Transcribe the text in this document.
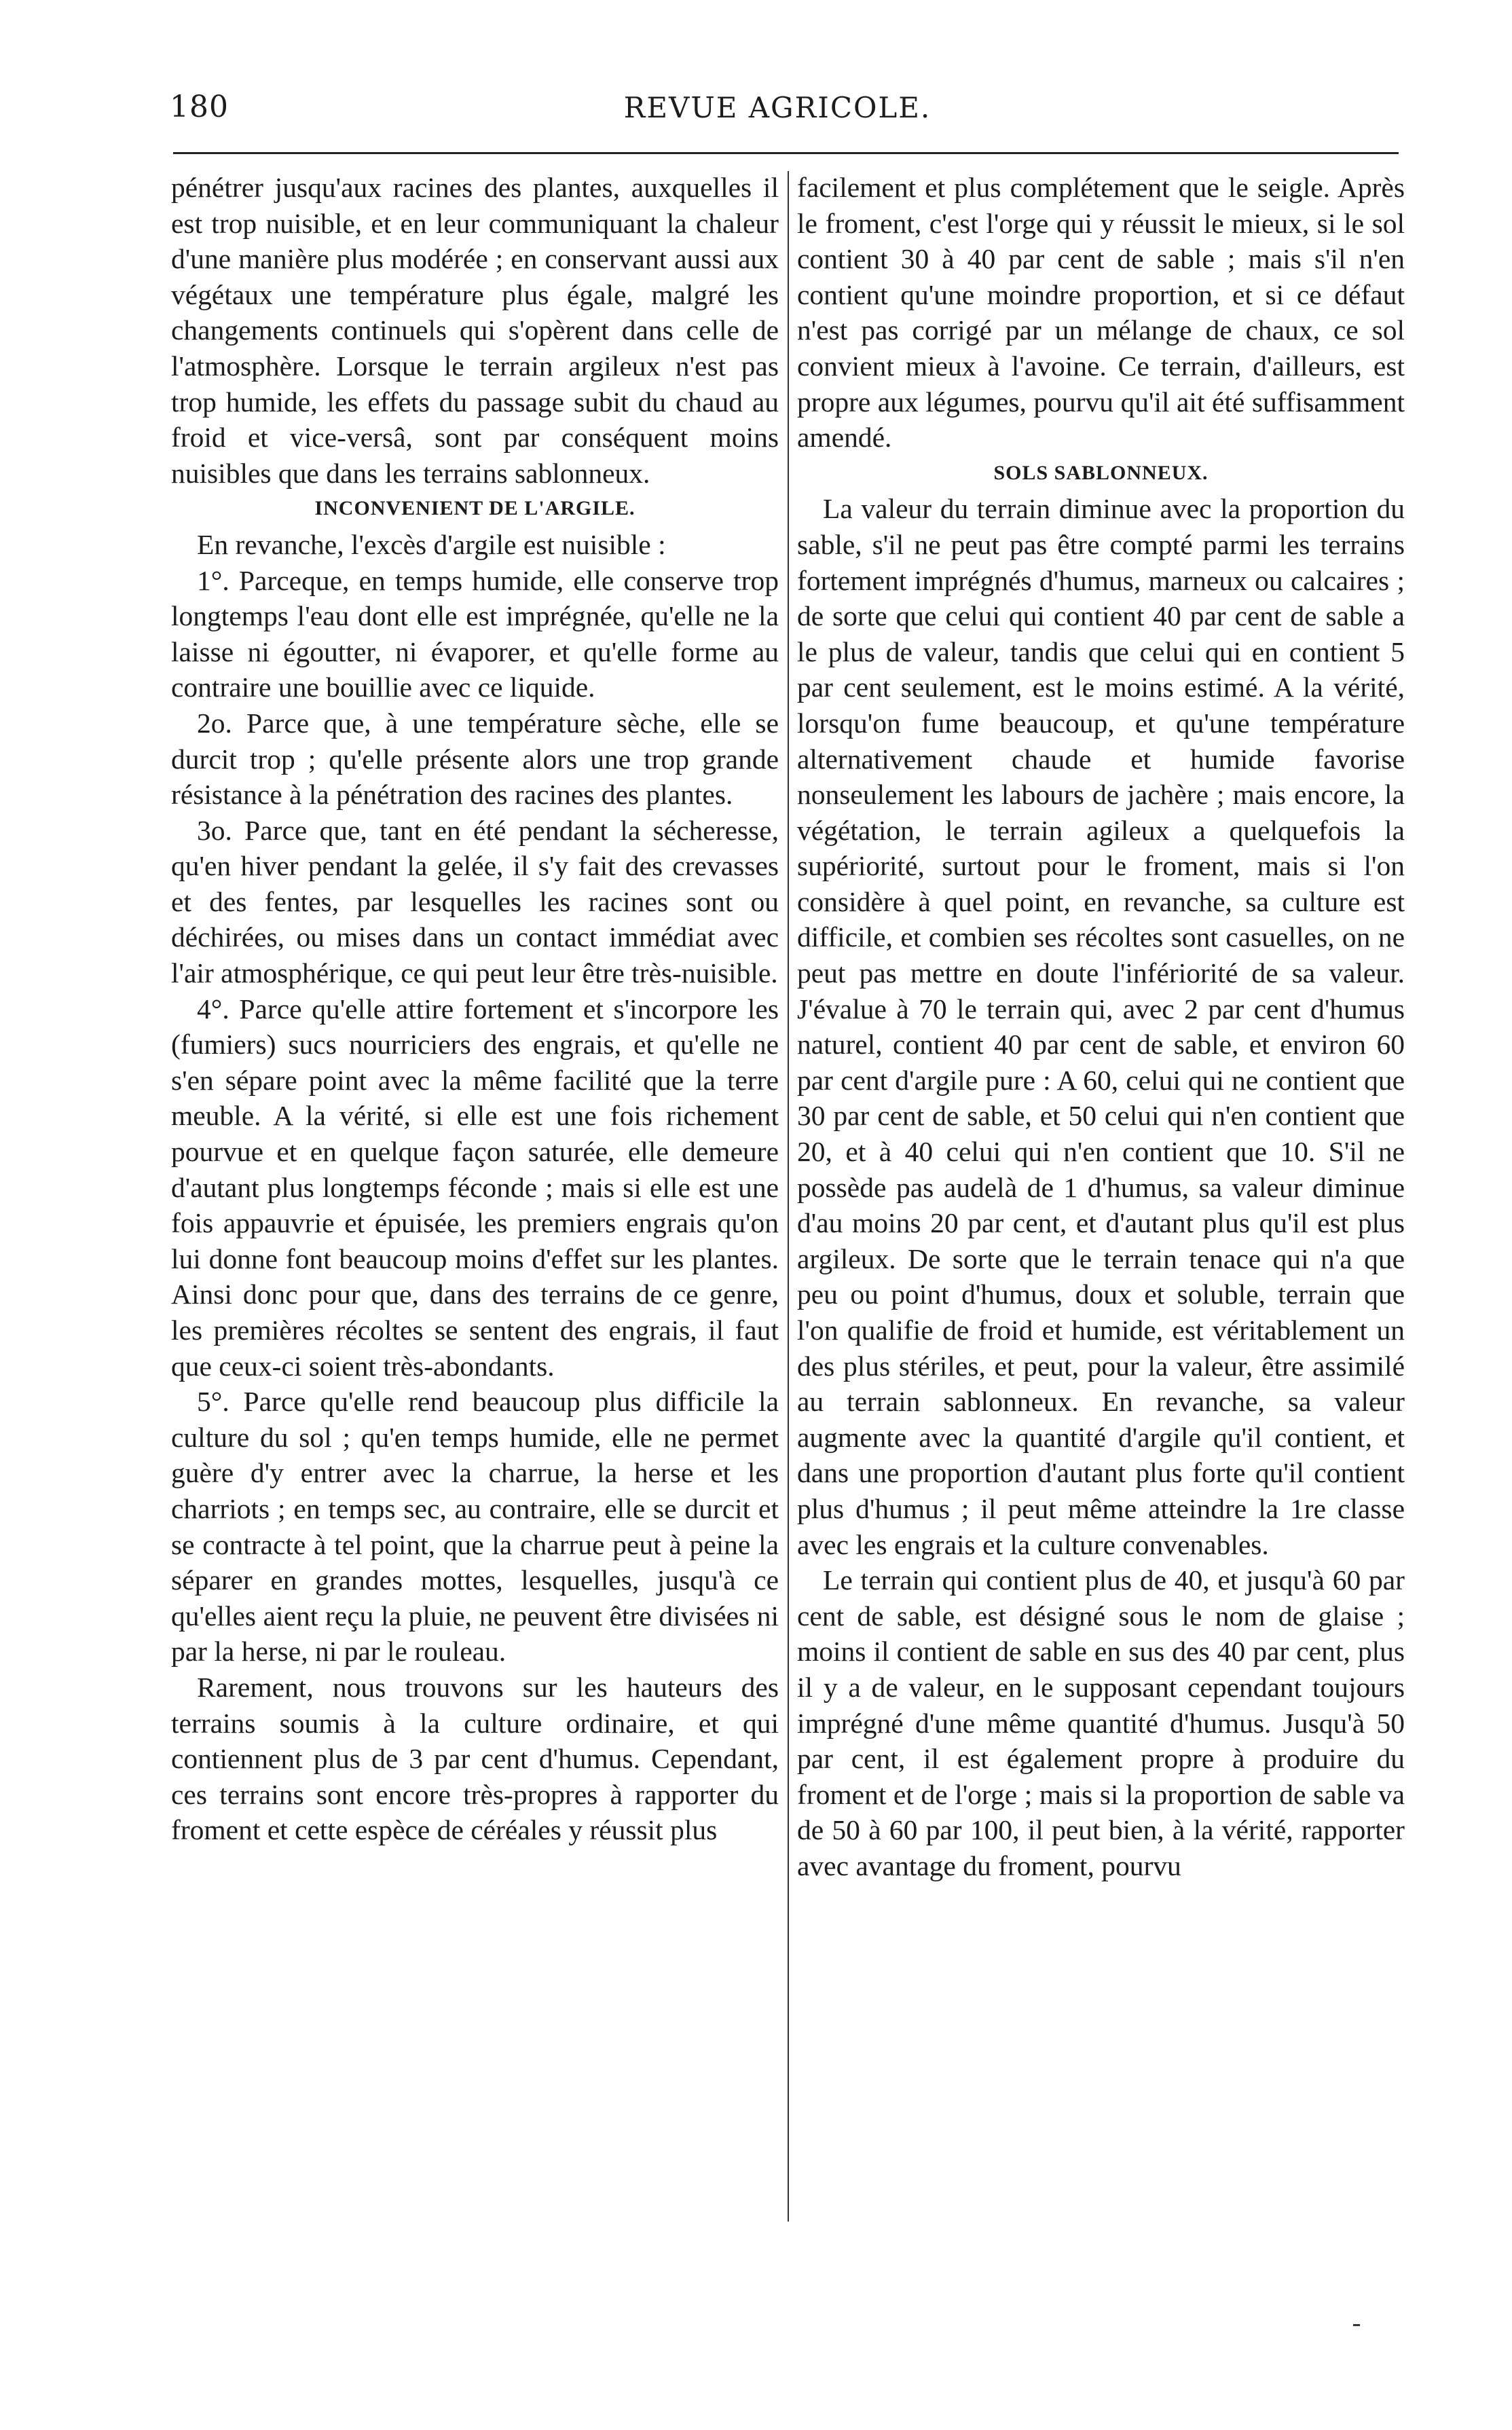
180	REVUE AGRICOLE.

pénétrer jusqu'aux racines des plantes, auxquelles il est trop nuisible, et en leur communiquant la chaleur d'une manière plus modérée ; en conservant aussi aux végétaux une température plus égale, malgré les changements continuels qui s'opèrent dans celle de l'atmosphère. Lorsque le terrain argileux n'est pas trop humide, les effets du passage subit du chaud au froid et vice-versâ, sont par conséquent moins nuisibles que dans les terrains sablonneux.

INCONVENIENT DE L'ARGILE.

En revanche, l'excès d'argile est nuisible :

1°. Parceque, en temps humide, elle conserve trop longtemps l'eau dont elle est imprégnée, qu'elle ne la laisse ni égoutter, ni évaporer, et qu'elle forme au contraire une bouillie avec ce liquide.

2o. Parce que, à une température sèche, elle se durcit trop ; qu'elle présente alors une trop grande résistance à la pénétration des racines des plantes.

3o. Parce que, tant en été pendant la sécheresse, qu'en hiver pendant la gelée, il s'y fait des crevasses et des fentes, par lesquelles les racines sont ou déchirées, ou mises dans un contact immédiat avec l'air atmosphérique, ce qui peut leur être très-nuisible.

4°. Parce qu'elle attire fortement et s'incorpore les (fumiers) sucs nourriciers des engrais, et qu'elle ne s'en sépare point avec la même facilité que la terre meuble. A la vérité, si elle est une fois richement pourvue et en quelque façon saturée, elle demeure d'autant plus longtemps féconde ; mais si elle est une fois appauvrie et épuisée, les premiers engrais qu'on lui donne font beaucoup moins d'effet sur les plantes. Ainsi donc pour que, dans des terrains de ce genre, les premières récoltes se sentent des engrais, il faut que ceux-ci soient très-abondants.

5°. Parce qu'elle rend beaucoup plus difficile la culture du sol ; qu'en temps humide, elle ne permet guère d'y entrer avec la charrue, la herse et les charriots ; en temps sec, au contraire, elle se durcit et se contracte à tel point, que la charrue peut à peine la séparer en grandes mottes, lesquelles, jusqu'à ce qu'elles aient reçu la pluie, ne peuvent être divisées ni par la herse, ni par le rouleau.

Rarement, nous trouvons sur les hauteurs des terrains soumis à la culture ordinaire, et qui contiennent plus de 3 par cent d'humus. Cependant, ces terrains sont encore très-propres à rapporter du froment et cette espèce de céréales y réussit plus

facilement et plus complétement que le seigle. Après le froment, c'est l'orge qui y réussit le mieux, si le sol contient 30 à 40 par cent de sable ; mais s'il n'en contient qu'une moindre proportion, et si ce défaut n'est pas corrigé par un mélange de chaux, ce sol convient mieux à l'avoine. Ce terrain, d'ailleurs, est propre aux légumes, pourvu qu'il ait été suffisamment amendé.

SOLS SABLONNEUX.

La valeur du terrain diminue avec la proportion du sable, s'il ne peut pas être compté parmi les terrains fortement imprégnés d'humus, marneux ou calcaires ; de sorte que celui qui contient 40 par cent de sable a le plus de valeur, tandis que celui qui en contient 5 par cent seulement, est le moins estimé. A la vérité, lorsqu'on fume beaucoup, et qu'une température alternativement chaude et humide favorise nonseulement les labours de jachère ; mais encore, la végétation, le terrain agileux a quelquefois la supériorité, surtout pour le froment, mais si l'on considère à quel point, en revanche, sa culture est difficile, et combien ses récoltes sont casuelles, on ne peut pas mettre en doute l'infériorité de sa valeur. J'évalue à 70 le terrain qui, avec 2 par cent d'humus naturel, contient 40 par cent de sable, et environ 60 par cent d'argile pure : A 60, celui qui ne contient que 30 par cent de sable, et 50 celui qui n'en contient que 20, et à 40 celui qui n'en contient que 10. S'il ne possède pas audelà de 1 d'humus, sa valeur diminue d'au moins 20 par cent, et d'autant plus qu'il est plus argileux. De sorte que le terrain tenace qui n'a que peu ou point d'humus, doux et soluble, terrain que l'on qualifie de froid et humide, est véritablement un des plus stériles, et peut, pour la valeur, être assimilé au terrain sablonneux. En revanche, sa valeur augmente avec la quantité d'argile qu'il contient, et dans une proportion d'autant plus forte qu'il contient plus d'humus ; il peut même atteindre la 1re classe avec les engrais et la culture convenables.

Le terrain qui contient plus de 40, et jusqu'à 60 par cent de sable, est désigné sous le nom de glaise ; moins il contient de sable en sus des 40 par cent, plus il y a de valeur, en le supposant cependant toujours imprégné d'une même quantité d'humus. Jusqu'à 50 par cent, il est également propre à produire du froment et de l'orge ; mais si la proportion de sable va de 50 à 60 par 100, il peut bien, à la vérité, rapporter avec avantage du froment, pourvu
